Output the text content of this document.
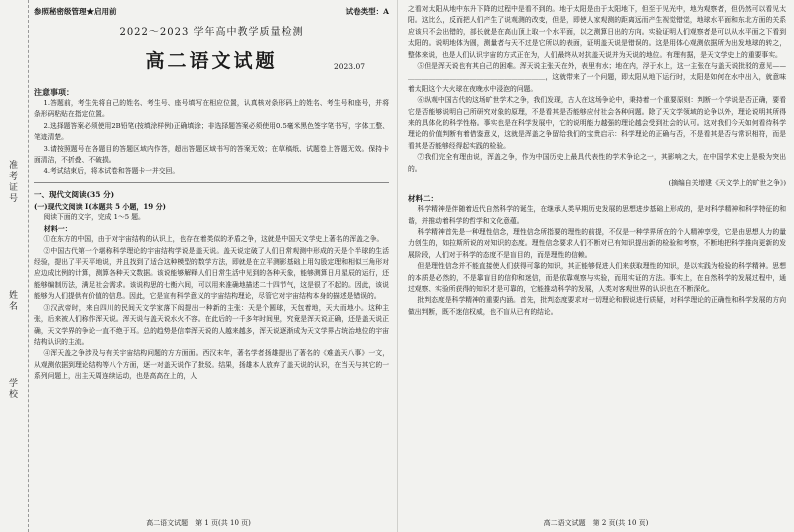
学校
姓名
准考证号
参照秘密级管理★启用前	试卷类型：A
2022～2023 学年高中教学质量检测
高二语文试题
注意事项：

1.答题前，考生先将自己的姓名、考生号、座号填写在相应位置，认真核对条形码上的姓名、考生号和座号，并将条形码粘贴在指定位置。

2.选择题答案必须使用2B铅笔(按填涂样例)正确填涂；非选择题答案必须使用0.5毫米黑色签字笔书写，字体工整、笔迹清楚。

3.请按照题号在各题目的答题区域内作答，超出答题区域书写的答案无效；在草稿纸、试题卷上答题无效。保持卡面清洁，不折叠、不破损。

4.考试结束后，将本试卷和答题卡一并交回。

一、现代文阅读(35 分)
(一)现代文阅读 I(本题共 5 小题，19 分)

阅读下面的文字，完成 1～5 题。

材料一：

①在东方的中国，由于对宇宙结构的认识上，也存在着类似的矛盾之争，这就是中国天文学史上著名的浑盖之争。

②中国古代第一个堪称科学理论的宇宙结构学说是盖天说。盖天说定破了人们日常观测中形成的天是个半球的生活经验，提出了平天平地说，并且找到了适合这种模型的数学方法，即就是在立平测影基础上用勾股定理和相似三角形对应边成比例的计算，测算各种天文数据。该说能够解释人们日常生活中见到的各种天象，能够测算日月星辰的运行，还能够编制历法，满足社会需求。该说构思的七衡六间，可以用来准确地描述二十四节气，这是很了不起的。因此，该说能够为人们提供有价值的信息。因此，它是宣有科学意义的宇宙结构理论，尽管它对宇宙结构本身的描述是错误的。

③汉武帝时，来自四川的民间天文学家落下闳提出一种新的主张：天是个圆球，天包着地，天大而地小。这种主张，后来被人们称作浑天说。浑天说与盖天说水火不容。在此后的一千多年时间里，究竟是浑天说正确，还是盖天说正确，天文学界的争论一直不绝于耳。总的趋势是信奉浑天说的人越来越多，浑天说逐渐成为天文学界占统治地位的宇宙结构认识的主流。

④浑天盖之争涉及与有关宇宙结构问题的方方面面。西汉末年，著名学者扬雄提出了著名的《难盖天八事》一文，从观测依据到理论结构等八个方面，逐一对盖天说作了批驳。结果，扬雄本人放弃了盖天说的认识，在当天与其它的一系列问题上，出主天周连续运动，也是高高在上的，人

2023.07
高二语文试题　第 1 页(共 10 页)

之看对太阳从地中东升下降的过程中是看不到的。地于太阳是由于太阳地下，但至于见光中，地为观察者，但仍然可以看见太阳。这比么，反而把人们产生了说观测的改变，但是，即使人家观测的距离远而产生视觉错觉，地球水平面和东北方面的关系应该只不会出错的，部长就是在高山顶上取一个水平面，以之测算日出的方向。实验证明人们观察者是可以从水平面之下看到太阳的。说明地体为圆，测量者与天不过是它所以的表面，证明盖天说是错误的。这是用体心观测依据所为出发地球的转之，整体来说，也是人们认识宇宙的方式正在为，人们最终从对抗盖天说并为天说的地位。有理有据，是天文学史上的重要事实。

⑤但是浑天说也有其自己的困难。浑天说主张天在外，表里有水；地在内，浮于水上，这一主张在与盖天说批驳的意见——＿＿＿＿＿＿＿＿＿＿＿＿＿＿＿＿＿＿＿＿，这就带来了一个问题，即太阳从地下运行时，太阳是如何在水中出入，就意味着太阳这个大火球在夜晚水中浸泡的问题。

⑥纵观中国古代的这场旷世学术之争，我们发现，古人在这场争论中，秉持着一个重要原则：判断一个学说是否正确，要看它是否能够说明自己所研究对象的原理，不是看其是否能够应付社会各种问题。除了天文学领域的论争以外，理论说明其所得来的具体化的科学性格。事实也是在科学发展中，它的说明能力越强的理论越会受到社会的认可。这对我们今天如何看待科学理论的价值判断有着借鉴意义，这就是浑盖之争留给我们的宝贵启示：科学理论的正确与否，不是看其是否与常识相符，而是看其是否能够经得起实践的检验。

⑦我们完全有理由说，浑盖之争，作为中国历史上最具代表性的学术争论之一，其影响之大，在中国学术史上是极为突出的。

(摘编自关增建《天文学上的旷世之争》)
材料二：

科学精神是伴随着近代自然科学的诞生，在继承人类早期历史发展的思想进步基础上形成的，是对科学精神和科学特征的和谐，并推动着科学的哲学和文化意蕴。

科学精神首先是一种理性信念，理性信念所指要的理性的前提，不仅是一种学界所在的个人精神享受，它是由思想人力的量力创生的，如拉斯所说的对知识的态度。理性信念要求人们不断对已有知识提出新的检验和考察，不断地把科学推向更新的发展阶段，人们对于科学的态度不是盲目的，而是理性的信赖。

但是理性信念并不能直接使人们获得可靠的知识，其正能够促进人们来获取理性的知识，是以实践为检验的科学精神。思想的本质是必然的，不是靠盲目的信仰和迷信，而是依靠观察与实验，而用实证的方法。事实上，在自然科学的发展过程中，通过观察、实验所获得的知识才是可靠的，它能推动科学的发展，人类对客观世界的认识也在不断深化。

批判态度是科学精神的重要内涵。首先，批判态度要求对一切理论和假说进行质疑，对科学理论的正确性和科学发展的方向做出判断，既不迷信权威，也不盲从已有的结论。

高二语文试题　第 2 页(共 10 页)
